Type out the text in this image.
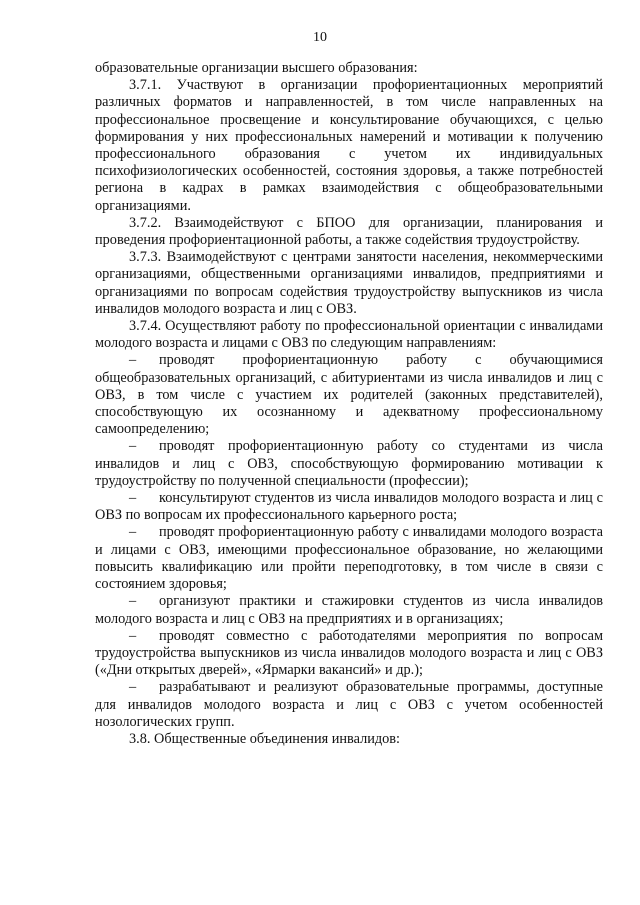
10

образовательные организации высшего образования:

3.7.1. Участвуют в организации профориентационных мероприятий различных форматов и направленностей, в том числе направленных на профессиональное просвещение и консультирование обучающихся, с целью формирования у них профессиональных намерений и мотивации к получению профессионального образования с учетом их индивидуальных психофизиологических особенностей, состояния здоровья, а также потребностей региона в кадрах в рамках взаимодействия с общеобразовательными организациями.

3.7.2. Взаимодействуют с БПОО для организации, планирования и проведения профориентационной работы, а также содействия трудоустройству.

3.7.3. Взаимодействуют с центрами занятости населения, некоммерческими организациями, общественными организациями инвалидов, предприятиями и организациями по вопросам содействия трудоустройству выпускников из числа инвалидов молодого возраста и лиц с ОВЗ.

3.7.4. Осуществляют работу по профессиональной ориентации с инвалидами молодого возраста и лицами с ОВЗ по следующим направлениям:

– проводят профориентационную работу с обучающимися общеобразовательных организаций, с абитуриентами из числа инвалидов и лиц с ОВЗ, в том числе с участием их родителей (законных представителей), способствующую их осознанному и адекватному профессиональному самоопределению;

– проводят профориентационную работу со студентами из числа инвалидов и лиц с ОВЗ, способствующую формированию мотивации к трудоустройству по полученной специальности (профессии);

– консультируют студентов из числа инвалидов молодого возраста и лиц с ОВЗ по вопросам их профессионального карьерного роста;

– проводят профориентационную работу с инвалидами молодого возраста и лицами с ОВЗ, имеющими профессиональное образование, но желающими повысить квалификацию или пройти переподготовку, в том числе в связи с состоянием здоровья;

– организуют практики и стажировки студентов из числа инвалидов молодого возраста и лиц с ОВЗ на предприятиях и в организациях;

– проводят совместно с работодателями мероприятия по вопросам трудоустройства выпускников из числа инвалидов молодого возраста и лиц с ОВЗ («Дни открытых дверей», «Ярмарки вакансий» и др.);

– разрабатывают и реализуют образовательные программы, доступные для инвалидов молодого возраста и лиц с ОВЗ с учетом особенностей нозологических групп.

3.8. Общественные объединения инвалидов:
